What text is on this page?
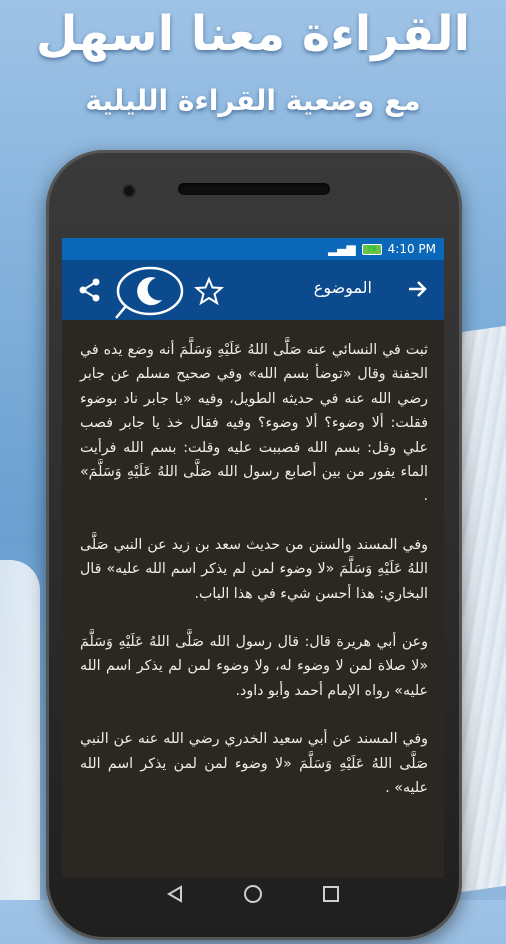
القراءة معنا اسهل
مع وضعية القراءة الليلية
▂▄▆	79 4:10 PM
الموضوع

ثبت في النسائي عنه صَلَّى اللهُ عَلَيْهِ وَسَلَّمَ أنه وضع يده في الجفنة وقال «توضأ بسم الله» وفي صحيح مسلم عن جابر رضي الله عنه في حديثه الطويل، وفيه «يا جابر ناد بوضوء فقلت: ألا وضوء؟ ألا وضوء؟ وفيه فقال خذ يا جابر فصب علي وقل: بسم الله فصببت عليه وقلت: بسم الله فرأيت الماء يفور من بين أصابع رسول الله صَلَّى اللهُ عَلَيْهِ وَسَلَّمَ» .

وفي المسند والسنن من حديث سعد بن زيد عن النبي صَلَّى اللهُ عَلَيْهِ وَسَلَّمَ «لا وضوء لمن لم يذكر اسم الله عليه» قال البخاري: هذا أحسن شيء في هذا الباب.

وعن أبي هريرة قال: قال رسول الله صَلَّى اللهُ عَلَيْهِ وَسَلَّمَ «لا صلاة لمن لا وضوء له، ولا وضوء لمن لم يذكر اسم الله عليه» رواه الإمام أحمد وأبو داود.

وفي المسند عن أبي سعيد الخدري رضي الله عنه عن النبي صَلَّى اللهُ عَلَيْهِ وَسَلَّمَ «لا وضوء لمن لمن يذكر اسم الله عليه» .
